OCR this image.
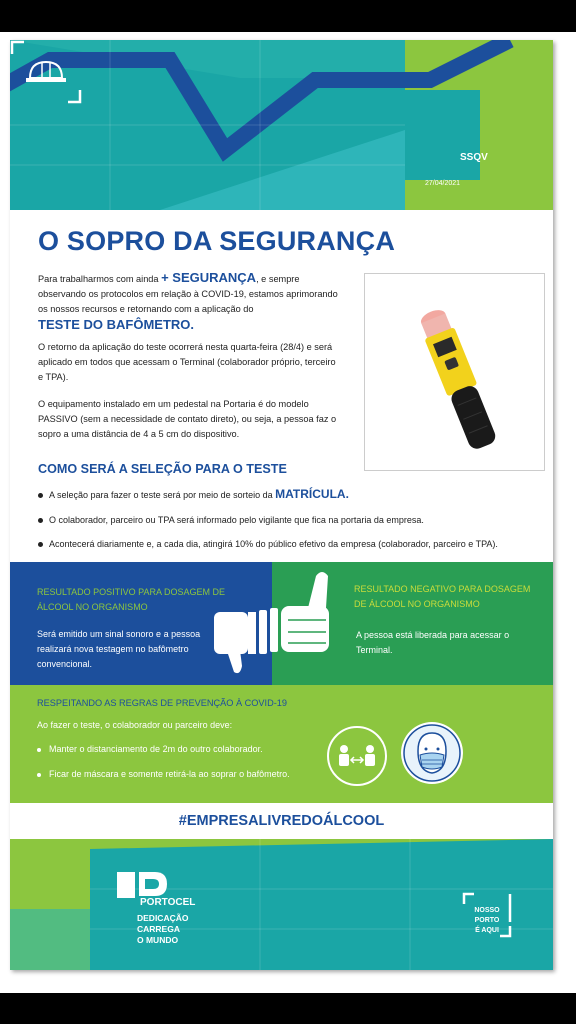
SSQV
27/04/2021
O SOPRO DA SEGURANÇA
Para trabalharmos com ainda + SEGURANÇA, e sempre observando os protocolos em relação à COVID-19, estamos aprimorando os nossos recursos e retornando com a aplicação do
TESTE DO BAFÔMETRO.
O retorno da aplicação do teste ocorrerá nesta quarta-feira (28/4) e será aplicado em todos que acessam o Terminal (colaborador próprio, terceiro e TPA).
O equipamento instalado em um pedestal na Portaria é do modelo PASSIVO (sem a necessidade de contato direto), ou seja, a pessoa faz o sopro a uma distância de 4 a 5 cm do dispositivo.
COMO SERÁ A SELEÇÃO PARA O TESTE
A seleção para fazer o teste será por meio de sorteio da MATRÍCULA.
O colaborador, parceiro ou TPA será informado pelo vigilante que fica na portaria da empresa.
Acontecerá diariamente e, a cada dia, atingirá 10% do público efetivo da empresa (colaborador, parceiro e TPA).
RESULTADO POSITIVO PARA DOSAGEM DE ÁLCOOL NO ORGANISMO
Será emitido um sinal sonoro e a pessoa realizará nova testagem no bafômetro convencional.
RESULTADO NEGATIVO PARA DOSAGEM DE ÁLCOOL NO ORGANISMO
A pessoa está liberada para acessar o Terminal.
RESPEITANDO AS REGRAS DE PREVENÇÃO À COVID-19
Ao fazer o teste, o colaborador ou parceiro deve:
Manter o distanciamento de 2m do outro colaborador.
Ficar de máscara e somente retirá-la ao soprar o bafômetro.
#EMPRESALIVREDOÁLCOOL
PORTOCEL
DEDICAÇÃO
CARREGA
O MUNDO
NOSSO
PORTO
É AQUI
